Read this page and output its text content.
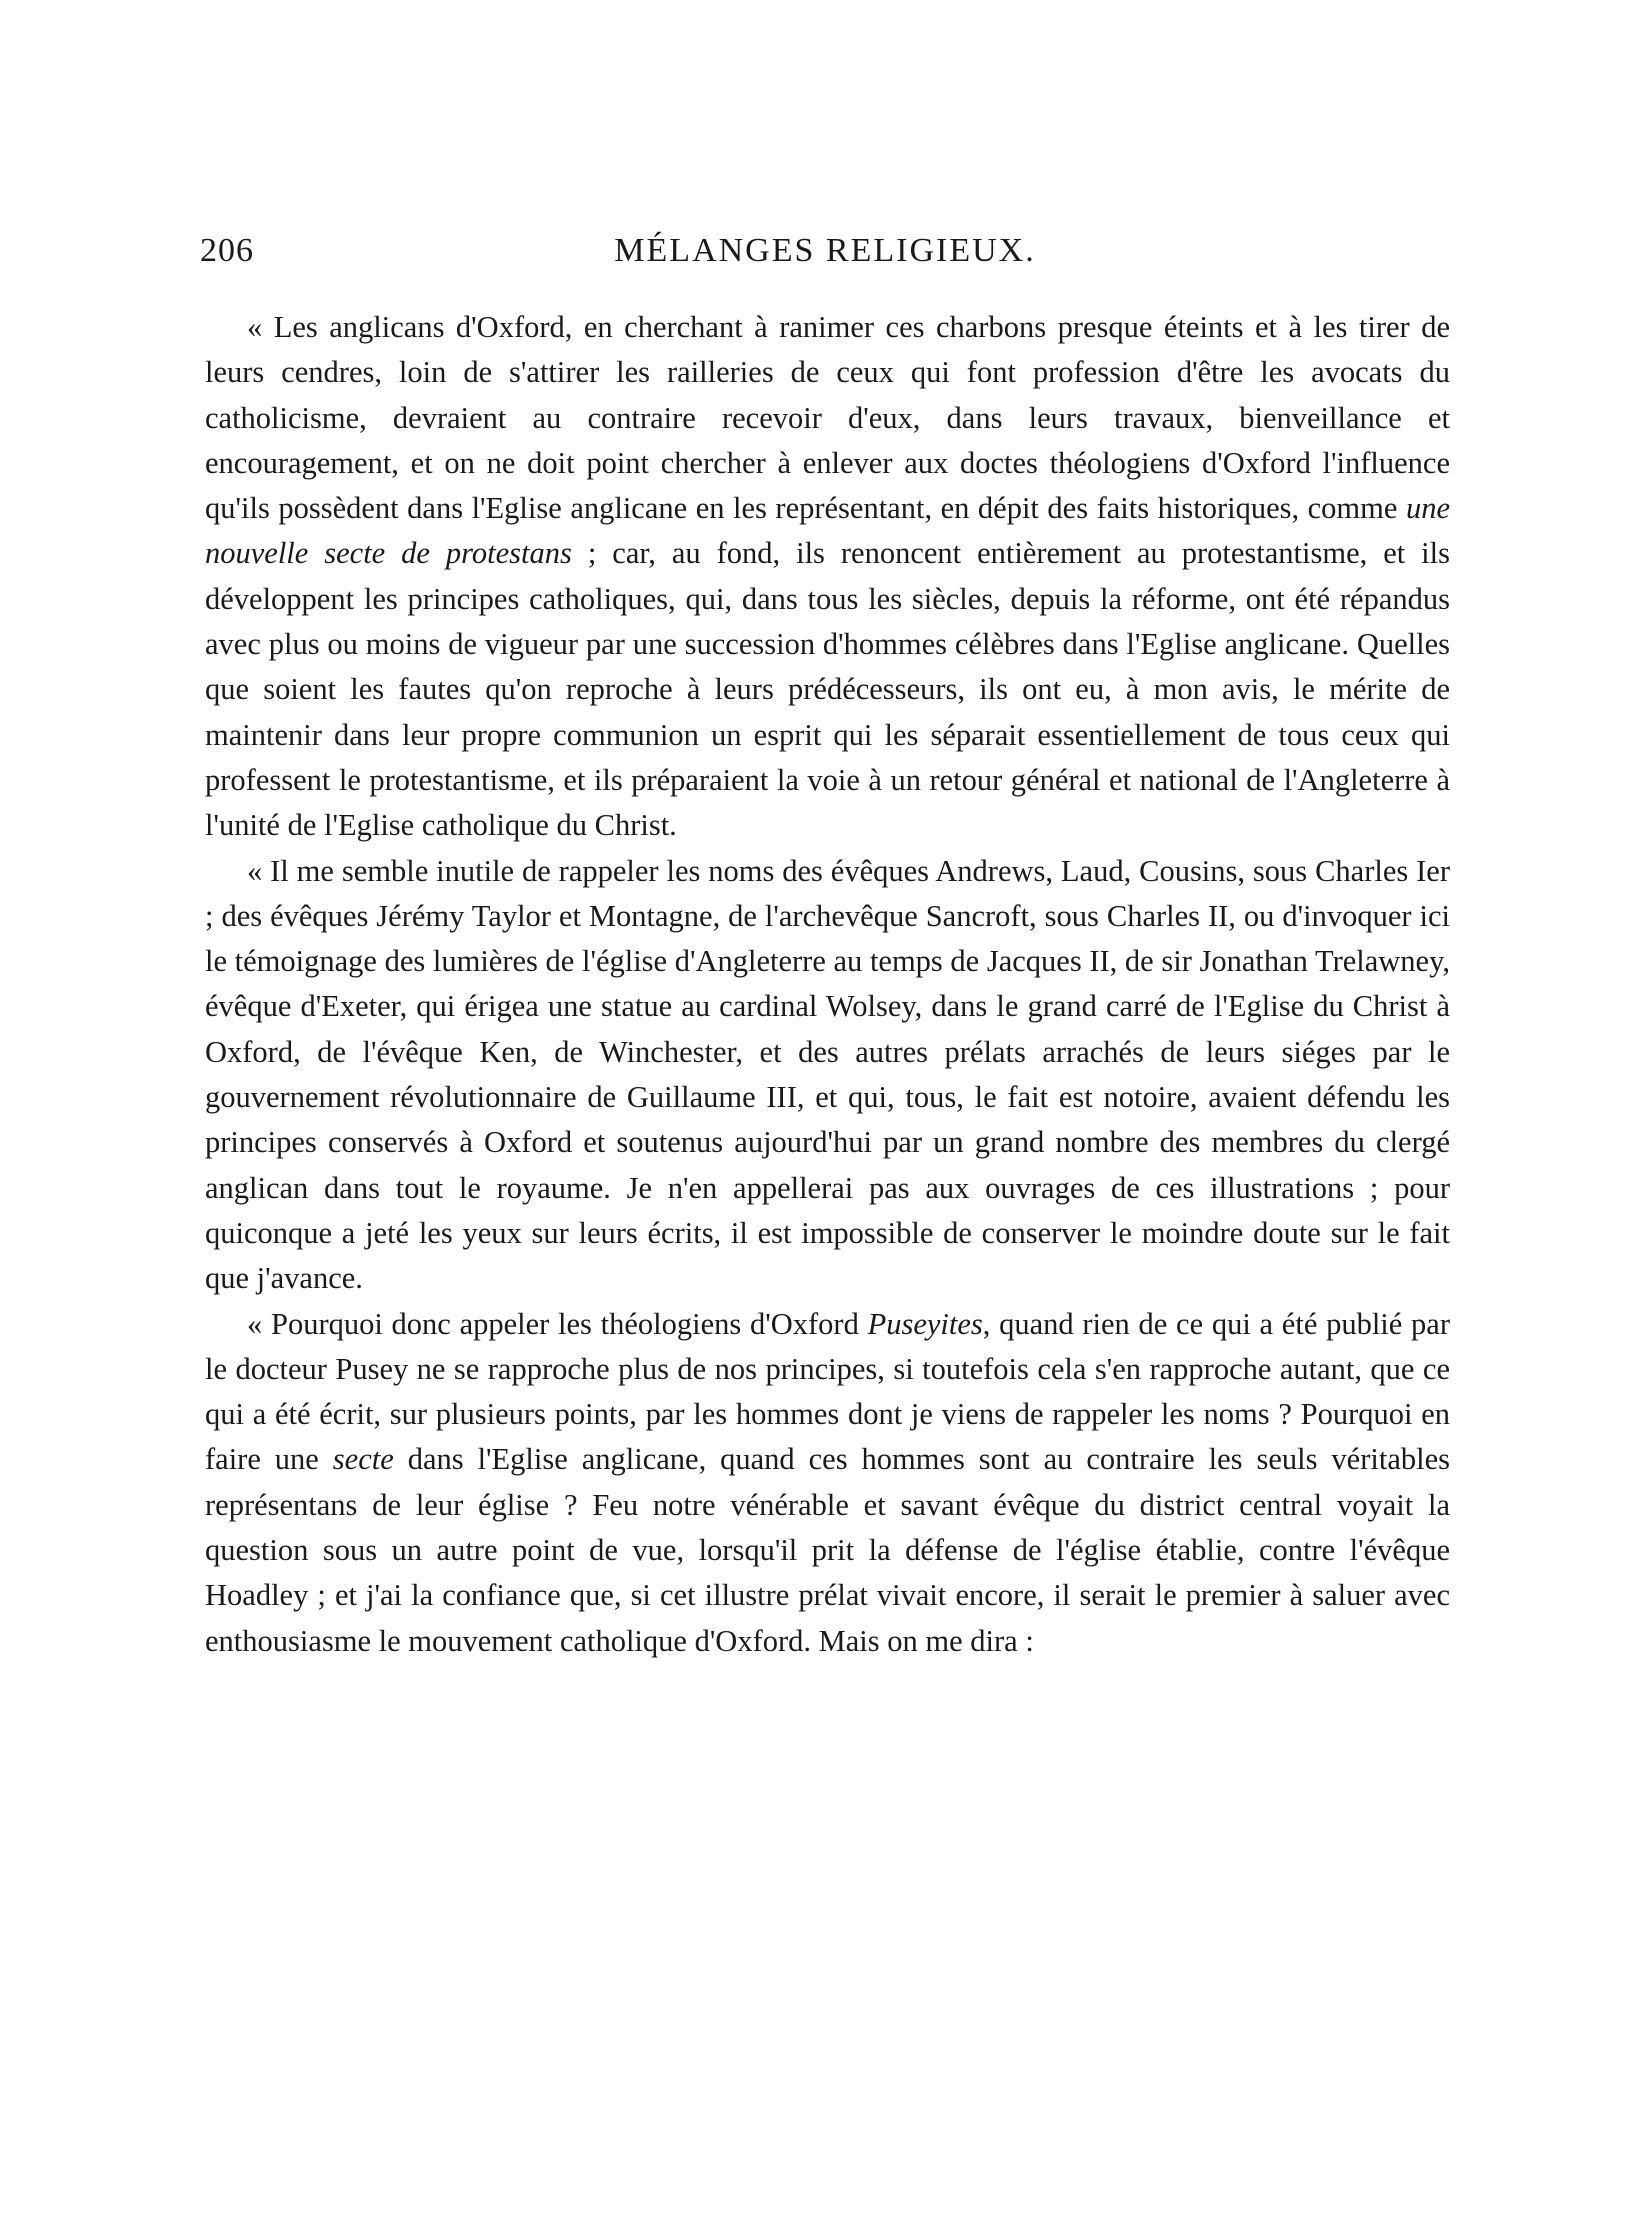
206	MÉLANGES RELIGIEUX.

« Les anglicans d'Oxford, en cherchant à ranimer ces charbons presque éteints et à les tirer de leurs cendres, loin de s'attirer les railleries de ceux qui font profession d'être les avocats du catholicisme, devraient au contraire recevoir d'eux, dans leurs travaux, bienveillance et encouragement, et on ne doit point chercher à enlever aux doctes théologiens d'Oxford l'influence qu'ils possèdent dans l'Eglise anglicane en les représentant, en dépit des faits historiques, comme une nouvelle secte de protestans ; car, au fond, ils renoncent entièrement au protestantisme, et ils développent les principes catholiques, qui, dans tous les siècles, depuis la réforme, ont été répandus avec plus ou moins de vigueur par une succession d'hommes célèbres dans l'Eglise anglicane. Quelles que soient les fautes qu'on reproche à leurs prédécesseurs, ils ont eu, à mon avis, le mérite de maintenir dans leur propre communion un esprit qui les séparait essentiellement de tous ceux qui professent le protestantisme, et ils préparaient la voie à un retour général et national de l'Angleterre à l'unité de l'Eglise catholique du Christ.

« Il me semble inutile de rappeler les noms des évêques Andrews, Laud, Cousins, sous Charles Ier ; des évêques Jérémy Taylor et Montagne, de l'archevêque Sancroft, sous Charles II, ou d'invoquer ici le témoignage des lumières de l'église d'Angleterre au temps de Jacques II, de sir Jonathan Trelawney, évêque d'Exeter, qui érigea une statue au cardinal Wolsey, dans le grand carré de l'Eglise du Christ à Oxford, de l'évêque Ken, de Winchester, et des autres prélats arrachés de leurs siéges par le gouvernement révolutionnaire de Guillaume III, et qui, tous, le fait est notoire, avaient défendu les principes conservés à Oxford et soutenus aujourd'hui par un grand nombre des membres du clergé anglican dans tout le royaume. Je n'en appellerai pas aux ouvrages de ces illustrations ; pour quiconque a jeté les yeux sur leurs écrits, il est impossible de conserver le moindre doute sur le fait que j'avance.

« Pourquoi donc appeler les théologiens d'Oxford Puseyites, quand rien de ce qui a été publié par le docteur Pusey ne se rapproche plus de nos principes, si toutefois cela s'en rapproche autant, que ce qui a été écrit, sur plusieurs points, par les hommes dont je viens de rappeler les noms ? Pourquoi en faire une secte dans l'Eglise anglicane, quand ces hommes sont au contraire les seuls véritables représentans de leur église ? Feu notre vénérable et savant évêque du district central voyait la question sous un autre point de vue, lorsqu'il prit la défense de l'église établie, contre l'évêque Hoadley ; et j'ai la confiance que, si cet illustre prélat vivait encore, il serait le premier à saluer avec enthousiasme le mouvement catholique d'Oxford. Mais on me dira :
